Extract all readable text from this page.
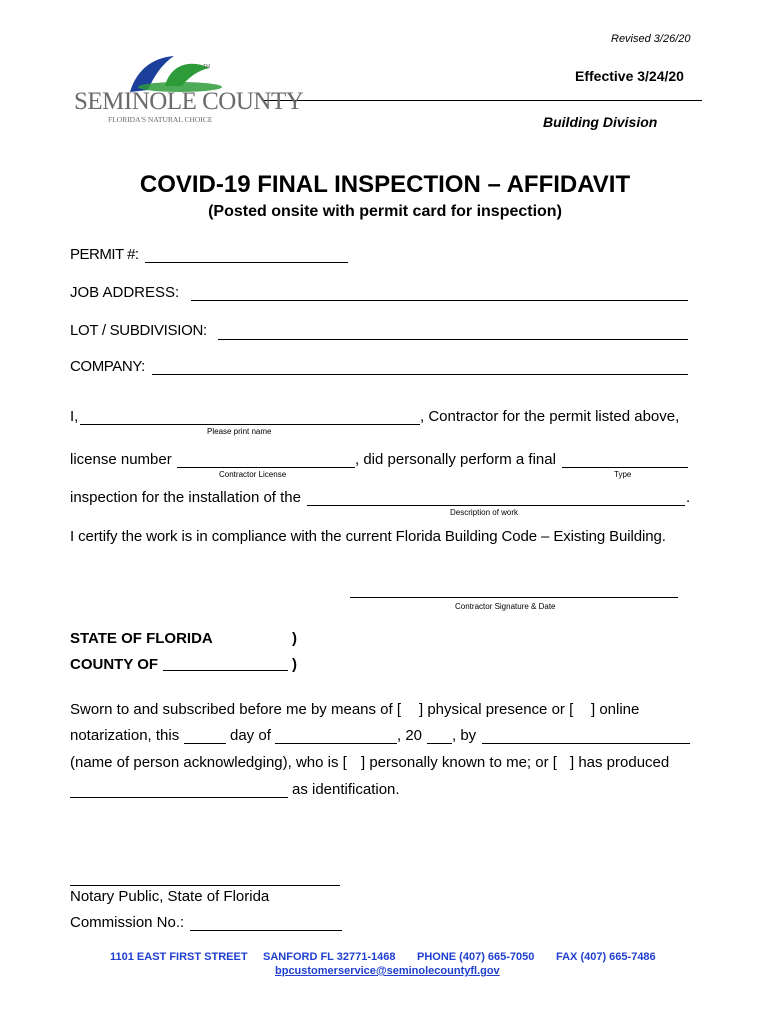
Revised 3/26/20
Effective 3/24/20
Building Division
TM
SEMINOLE COUNTY
FLORIDA'S NATURAL CHOICE
COVID-19 FINAL INSPECTION – AFFIDAVIT
(Posted onsite with permit card for inspection)
PERMIT #:
JOB ADDRESS:
LOT / SUBDIVISION:
COMPANY:
I,	, Contractor for the permit listed above,
Please print name
license number	, did personally perform a final
Contractor License	Type
inspection for the installation of the	.
Description of work
I certify the work is in compliance with the current Florida Building Code – Existing Building.
Contractor Signature & Date
STATE OF FLORIDA	)
COUNTY OF	)
Sworn to and subscribed before me by means of [ ] physical presence or [ ] online
notarization, this	day of	, 20 , by
(name of person acknowledging), who is [ ] personally known to me; or [ ] has produced
as identification.
Notary Public, State of Florida
Commission No.:
1101 EAST FIRST STREET SANFORD FL 32771-1468 PHONE (407) 665-7050 FAX (407) 665-7486
bpcustomerservice@seminolecountyfl.gov
